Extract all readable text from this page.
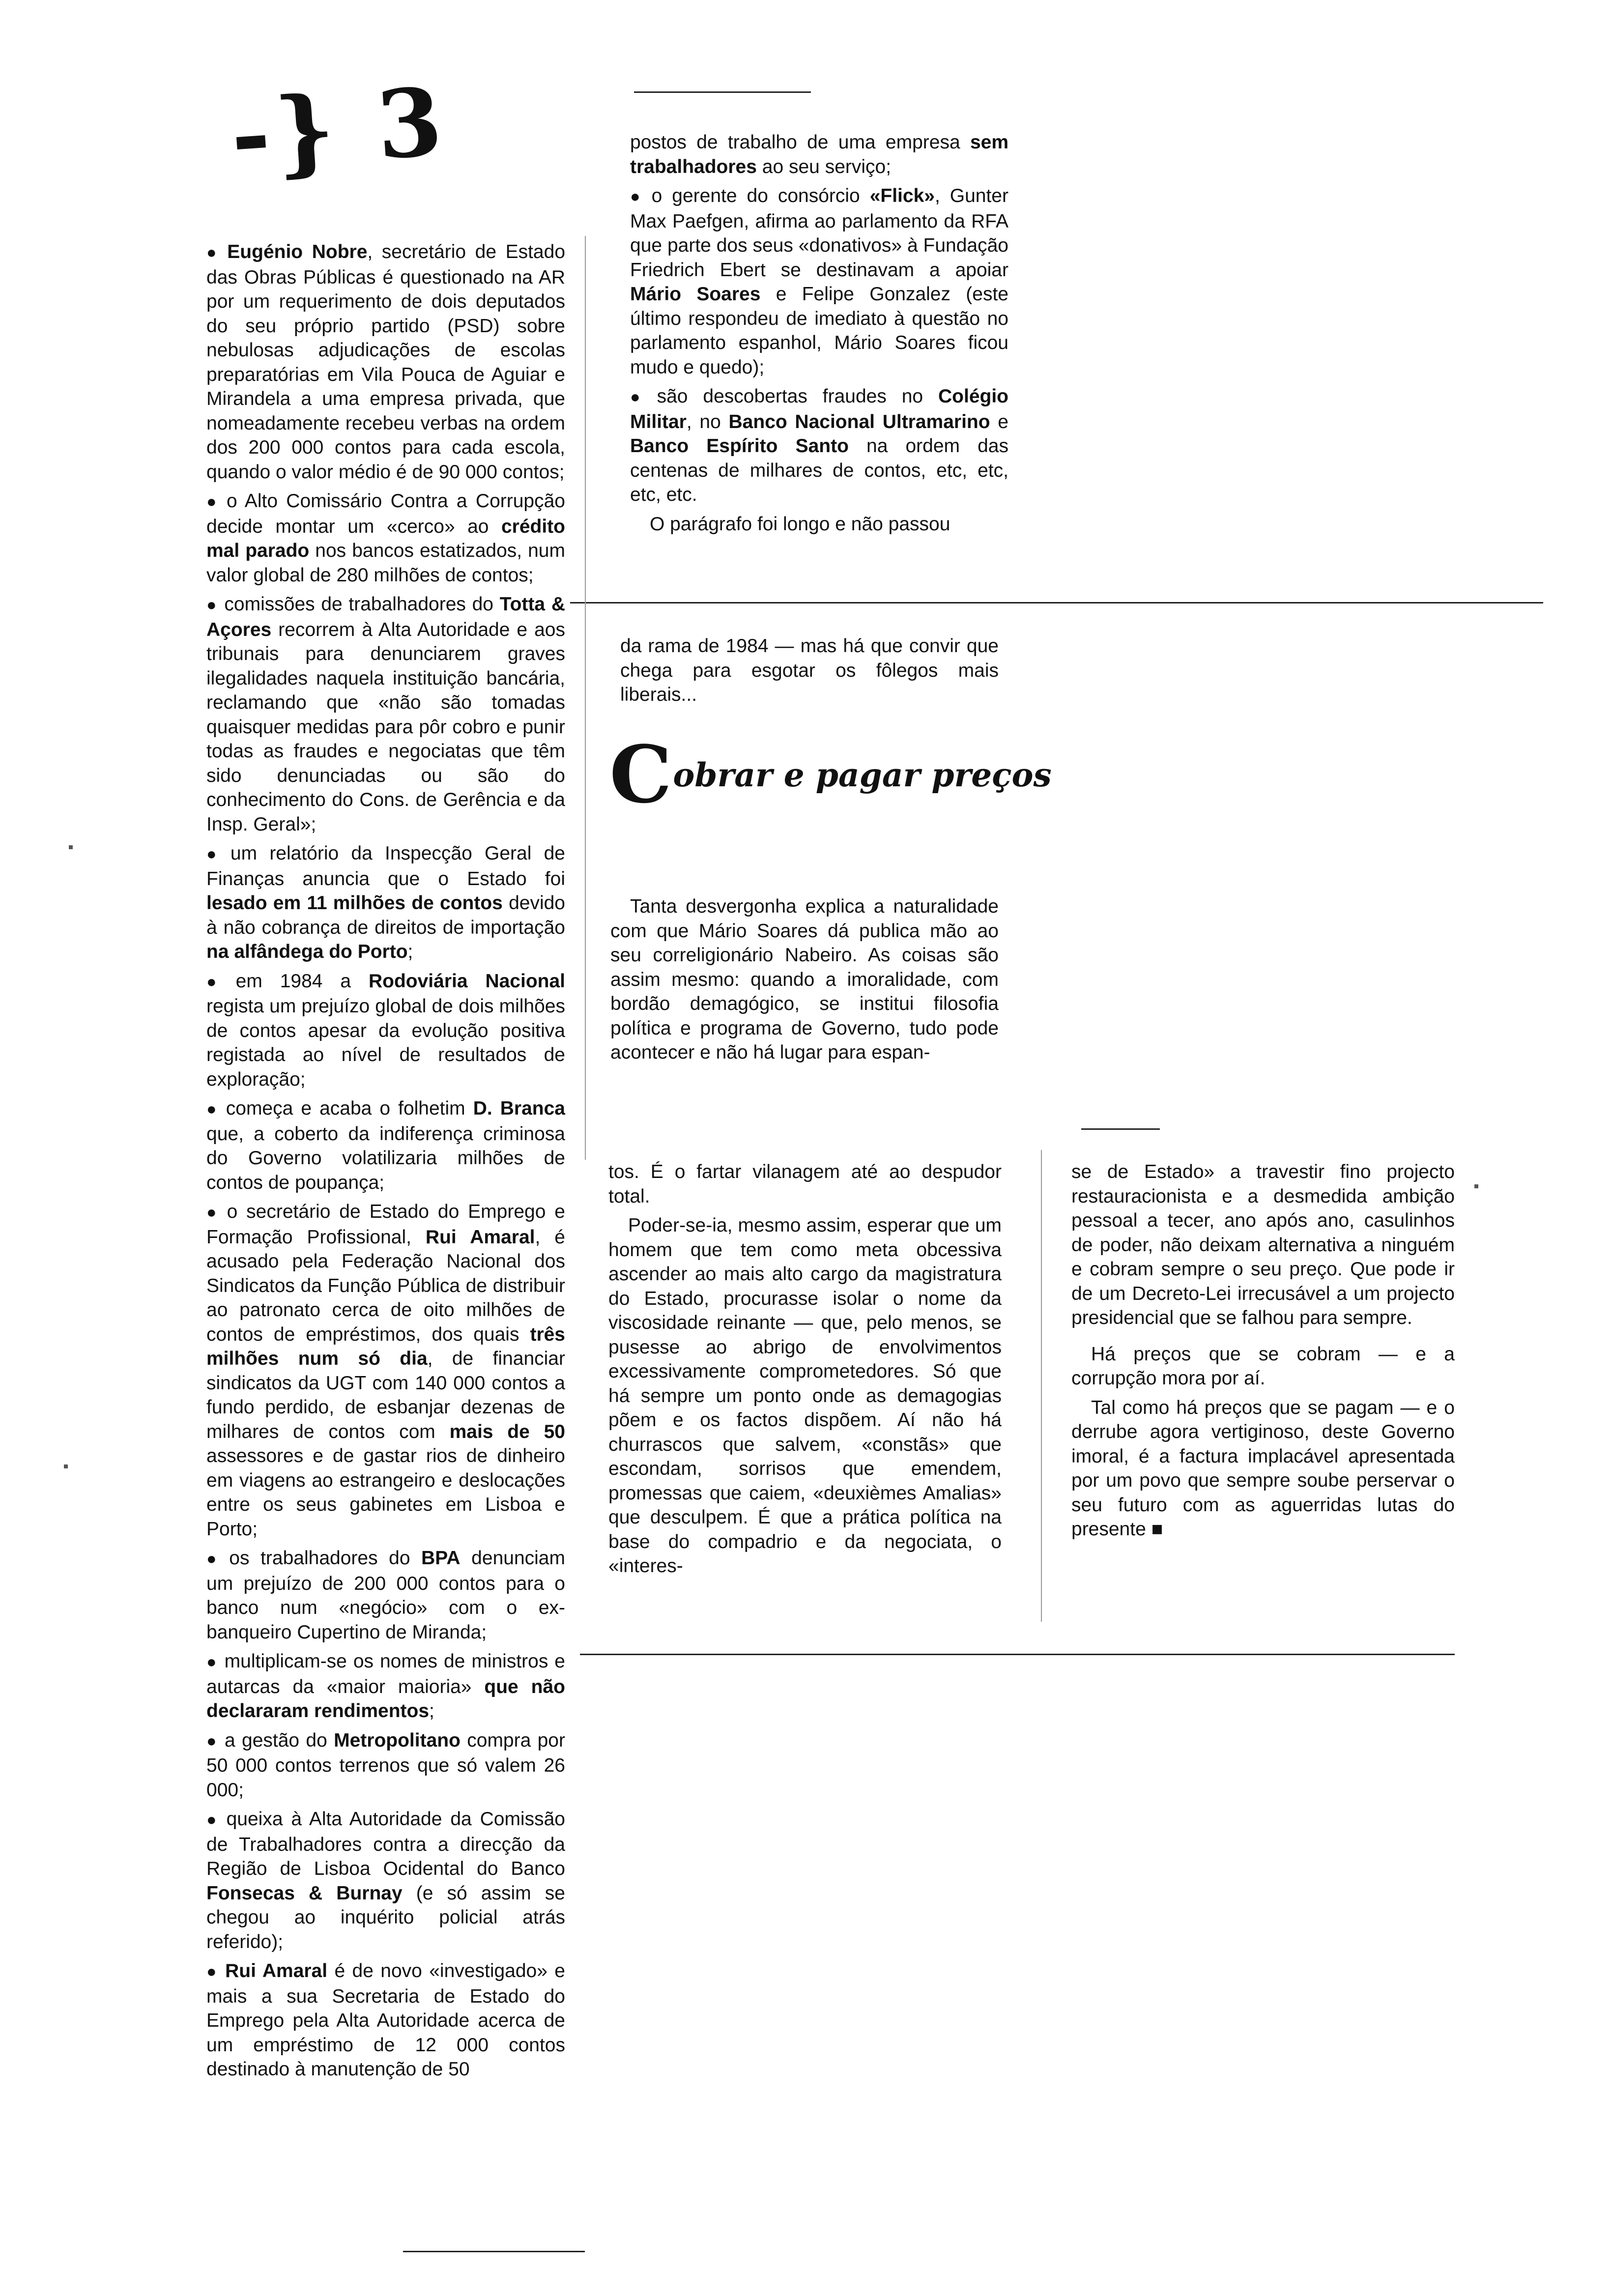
-} 3

● Eugénio Nobre, secretário de Estado das Obras Públicas é questionado na AR por um requerimento de dois deputados do seu próprio partido (PSD) sobre nebulosas adjudicações de escolas preparatórias em Vila Pouca de Aguiar e Mirandela a uma empresa privada, que nomeadamente recebeu verbas na ordem dos 200 000 contos para cada escola, quando o valor médio é de 90 000 contos;

● o Alto Comissário Contra a Corrupção decide montar um «cerco» ao crédito mal parado nos bancos estatizados, num valor global de 280 milhões de contos;

● comissões de trabalhadores do Totta & Açores recorrem à Alta Autoridade e aos tribunais para denunciarem graves ilegalidades naquela instituição bancária, reclamando que «não são tomadas quaisquer medidas para pôr cobro e punir todas as fraudes e negociatas que têm sido denunciadas ou são do conhecimento do Cons. de Gerência e da Insp. Geral»;

● um relatório da Inspecção Geral de Finanças anuncia que o Estado foi lesado em 11 milhões de contos devido à não cobrança de direitos de importação na alfândega do Porto;

● em 1984 a Rodoviária Nacional regista um prejuízo global de dois milhões de contos apesar da evolução positiva registada ao nível de resultados de exploração;

● começa e acaba o folhetim D. Branca que, a coberto da indiferença criminosa do Governo volatilizaria milhões de contos de poupança;

● o secretário de Estado do Emprego e Formação Profissional, Rui Amaral, é acusado pela Federação Nacional dos Sindicatos da Função Pública de distribuir ao patronato cerca de oito milhões de contos de empréstimos, dos quais três milhões num só dia, de financiar sindicatos da UGT com 140 000 contos a fundo perdido, de esbanjar dezenas de milhares de contos com mais de 50 assessores e de gastar rios de dinheiro em viagens ao estrangeiro e deslocações entre os seus gabinetes em Lisboa e Porto;

● os trabalhadores do BPA denunciam um prejuízo de 200 000 contos para o banco num «negócio» com o ex-banqueiro Cupertino de Miranda;

● multiplicam-se os nomes de ministros e autarcas da «maior maioria» que não declararam rendimentos;

● a gestão do Metropolitano compra por 50 000 contos terrenos que só valem 26 000;

● queixa à Alta Autoridade da Comissão de Trabalhadores contra a direcção da Região de Lisboa Ocidental do Banco Fonsecas & Burnay (e só assim se chegou ao inquérito policial atrás referido);

● Rui Amaral é de novo «investigado» e mais a sua Secretaria de Estado do Emprego pela Alta Autoridade acerca de um empréstimo de 12 000 contos destinado à manutenção de 50

postos de trabalho de uma empresa sem trabalhadores ao seu serviço;

● o gerente do consórcio «Flick», Gunter Max Paefgen, afirma ao parlamento da RFA que parte dos seus «donativos» à Fundação Friedrich Ebert se destinavam a apoiar Mário Soares e Felipe Gonzalez (este último respondeu de imediato à questão no parlamento espanhol, Mário Soares ficou mudo e quedo);

● são descobertas fraudes no Colégio Militar, no Banco Nacional Ultramarino e Banco Espírito Santo na ordem das centenas de milhares de contos, etc, etc, etc, etc.

O parágrafo foi longo e não passou

da rama de 1984 — mas há que convir que chega para esgotar os fôlegos mais liberais...

Cobrar e pagar preços

Tanta desvergonha explica a naturalidade com que Mário Soares dá publica mão ao seu correligionário Nabeiro. As coisas são assim mesmo: quando a imoralidade, com bordão demagógico, se institui filosofia política e programa de Governo, tudo pode acontecer e não há lugar para espan-

tos. É o fartar vilanagem até ao despudor total.

Poder-se-ia, mesmo assim, esperar que um homem que tem como meta obcessiva ascender ao mais alto cargo da magistratura do Estado, procurasse isolar o nome da viscosidade reinante — que, pelo menos, se pusesse ao abrigo de envolvimentos excessivamente comprometedores. Só que há sempre um ponto onde as demagogias põem e os factos dispõem. Aí não há churrascos que salvem, «constãs» que escondam, sorrisos que emendem, promessas que caiem, «deuxièmes Amalias» que desculpem. É que a prática política na base do compadrio e da negociata, o «interes-

se de Estado» a travestir fino projecto restauracionista e a desmedida ambição pessoal a tecer, ano após ano, casulinhos de poder, não deixam alternativa a ninguém e cobram sempre o seu preço. Que pode ir de um Decreto-Lei irrecusável a um projecto presidencial que se falhou para sempre.

Há preços que se cobram — e a corrupção mora por aí.

Tal como há preços que se pagam — e o derrube agora vertiginoso, deste Governo imoral, é a factura implacável apresentada por um povo que sempre soube perservar o seu futuro com as aguerridas lutas do presente ■
